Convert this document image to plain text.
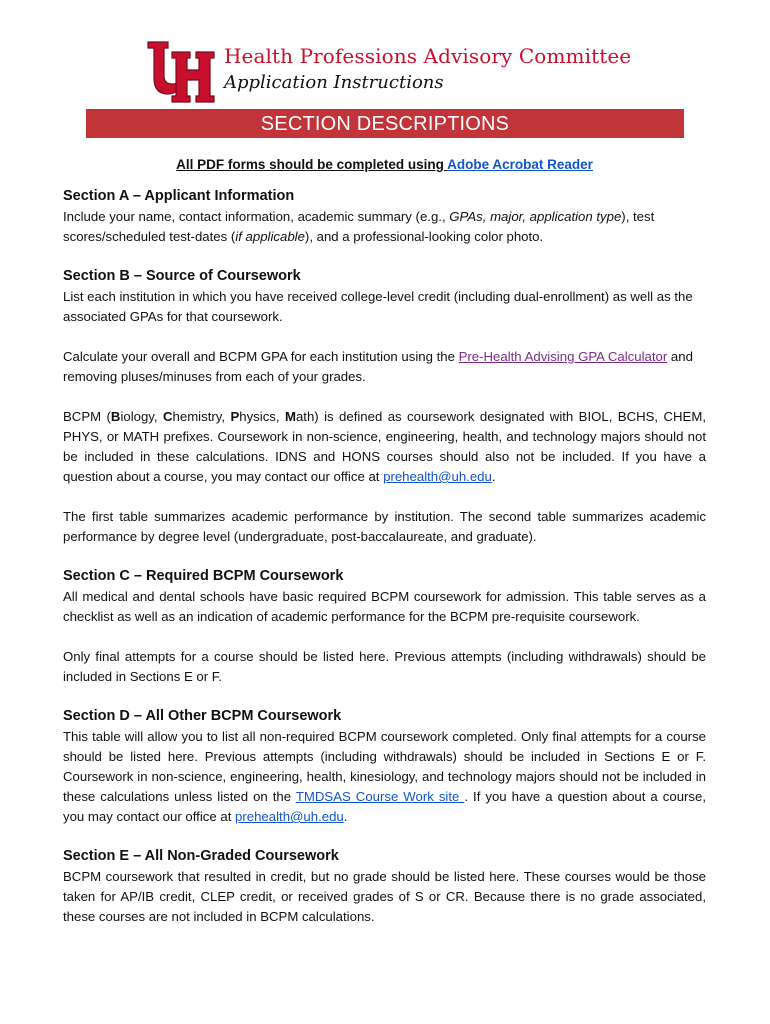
Health Professions Advisory Committee
Application Instructions
SECTION DESCRIPTIONS

All PDF forms should be completed using Adobe Acrobat Reader

Section A – Applicant Information

Include your name, contact information, academic summary (e.g., GPAs, major, application type), test scores/scheduled test-dates (if applicable), and a professional-looking color photo.

Section B – Source of Coursework

List each institution in which you have received college-level credit (including dual-enrollment) as well as the associated GPAs for that coursework.

Calculate your overall and BCPM GPA for each institution using the Pre-Health Advising GPA Calculator and removing pluses/minuses from each of your grades.

BCPM (Biology, Chemistry, Physics, Math) is defined as coursework designated with BIOL, BCHS, CHEM, PHYS, or MATH prefixes. Coursework in non-science, engineering, health, and technology majors should not be included in these calculations. IDNS and HONS courses should also not be included. If you have a question about a course, you may contact our office at prehealth@uh.edu.

The first table summarizes academic performance by institution. The second table summarizes academic performance by degree level (undergraduate, post-baccalaureate, and graduate).

Section C – Required BCPM Coursework

All medical and dental schools have basic required BCPM coursework for admission. This table serves as a checklist as well as an indication of academic performance for the BCPM pre-requisite coursework.

Only final attempts for a course should be listed here. Previous attempts (including withdrawals) should be included in Sections E or F.

Section D – All Other BCPM Coursework

This table will allow you to list all non-required BCPM coursework completed. Only final attempts for a course should be listed here. Previous attempts (including withdrawals) should be included in Sections E or F. Coursework in non-science, engineering, health, kinesiology, and technology majors should not be included in these calculations unless listed on the TMDSAS Course Work site . If you have a question about a course, you may contact our office at prehealth@uh.edu.

Section E – All Non-Graded Coursework

BCPM coursework that resulted in credit, but no grade should be listed here. These courses would be those taken for AP/IB credit, CLEP credit, or received grades of S or CR. Because there is no grade associated, these courses are not included in BCPM calculations.
